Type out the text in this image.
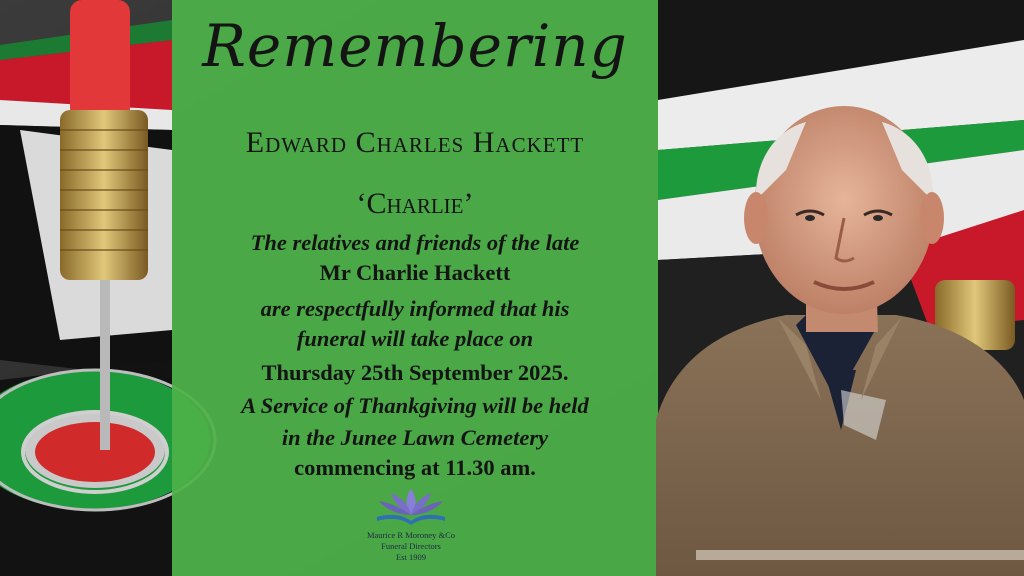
Remembering
Edward Charles Hackett
‘Charlie’
The relatives and friends of the late
Mr Charlie Hackett
are respectfully informed that his
funeral will take place on
Thursday 25th September 2025.
A Service of Thankgiving will be held
in the Junee Lawn Cemetery
commencing at 11.30 am.
Maurice R Moroney &Co
Funeral Directors
Est 1909
